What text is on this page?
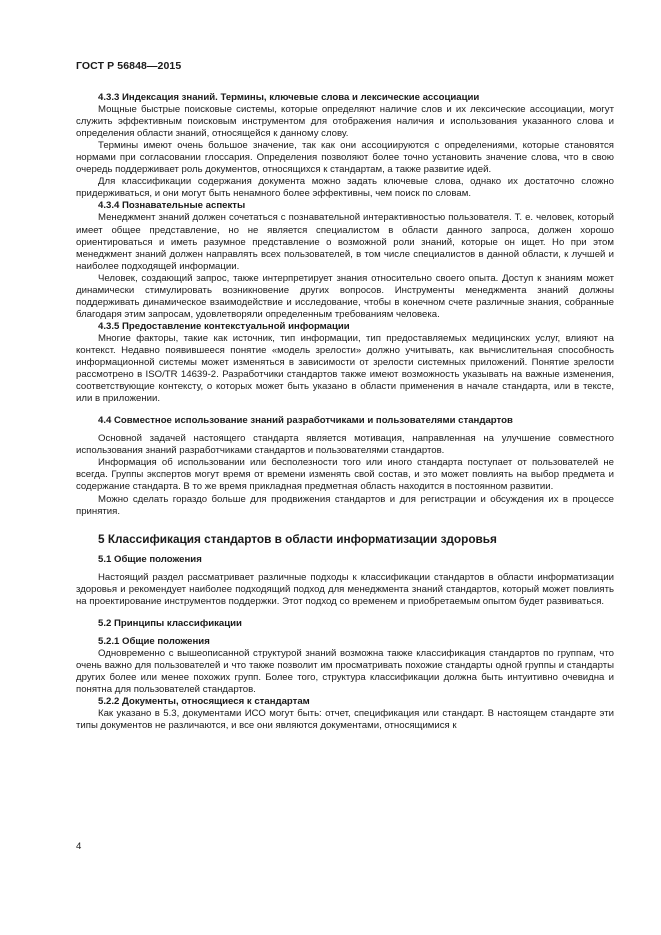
ГОСТ Р 56848—2015
4.3.3 Индексация знаний. Термины, ключевые слова и лексические ассоциации

Мощные быстрые поисковые системы, которые определяют наличие слов и их лексические ассоциации, могут служить эффективным поисковым инструментом для отображения наличия и использования указанного слова и определения области знаний, относящейся к данному слову.

Термины имеют очень большое значение, так как они ассоциируются с определениями, которые становятся нормами при согласовании глоссария. Определения позволяют более точно установить значение слова, что в свою очередь поддерживает роль документов, относящихся к стандартам, а также развитие идей.

Для классификации содержания документа можно задать ключевые слова, однако их достаточно сложно придерживаться, и они могут быть ненамного более эффективны, чем поиск по словам.

4.3.4 Познавательные аспекты

Менеджмент знаний должен сочетаться с познавательной интерактивностью пользователя. Т. е. человек, который имеет общее представление, но не является специалистом в области данного запроса, должен хорошо ориентироваться и иметь разумное представление о возможной роли знаний, которые он ищет. Но при этом менеджмент знаний должен направлять всех пользователей, в том числе специалистов в данной области, к лучшей и наиболее подходящей информации.

Человек, создающий запрос, также интерпретирует знания относительно своего опыта. Доступ к знаниям может динамически стимулировать возникновение других вопросов. Инструменты менеджмента знаний должны поддерживать динамическое взаимодействие и исследование, чтобы в конечном счете различные знания, собранные благодаря этим запросам, удовлетворяли определенным требованиям человека.

4.3.5 Предоставление контекстуальной информации

Многие факторы, такие как источник, тип информации, тип предоставляемых медицинских услуг, влияют на контекст. Недавно появившееся понятие «модель зрелости» должно учитывать, как вычислительная способность информационной системы может изменяться в зависимости от зрелости системных приложений. Понятие зрелости рассмотрено в ISO/TR 14639-2. Разработчики стандартов также имеют возможность указывать на важные изменения, соответствующие контексту, о которых может быть указано в области применения в начале стандарта, или в тексте, или в приложении.

4.4 Совместное использование знаний разработчиками и пользователями стандартов

Основной задачей настоящего стандарта является мотивация, направленная на улучшение совместного использования знаний разработчиками стандартов и пользователями стандартов.

Информация об использовании или бесполезности того или иного стандарта поступает от пользователей не всегда. Группы экспертов могут время от времени изменять свой состав, и это может повлиять на выбор предмета и содержание стандарта. В то же время прикладная предметная область находится в постоянном развитии.

Можно сделать гораздо больше для продвижения стандартов и для регистрации и обсуждения их в процессе принятия.

5 Классификация стандартов в области информатизации здоровья
5.1 Общие положения

Настоящий раздел рассматривает различные подходы к классификации стандартов в области информатизации здоровья и рекомендует наиболее подходящий подход для менеджмента знаний стандартов, который может повлиять на проектирование инструментов поддержки. Этот подход со временем и приобретаемым опытом будет развиваться.

5.2 Принципы классификации
5.2.1 Общие положения

Одновременно с вышеописанной структурой знаний возможна также классификация стандартов по группам, что очень важно для пользователей и что также позволит им просматривать похожие стандарты одной группы и стандарты других более или менее похожих групп. Более того, структура классификации должна быть интуитивно очевидна и понятна для пользователей стандартов.

5.2.2 Документы, относящиеся к стандартам

Как указано в 5.3, документами ИСО могут быть: отчет, спецификация или стандарт. В настоящем стандарте эти типы документов не различаются, и все они являются документами, относящимися к

4
